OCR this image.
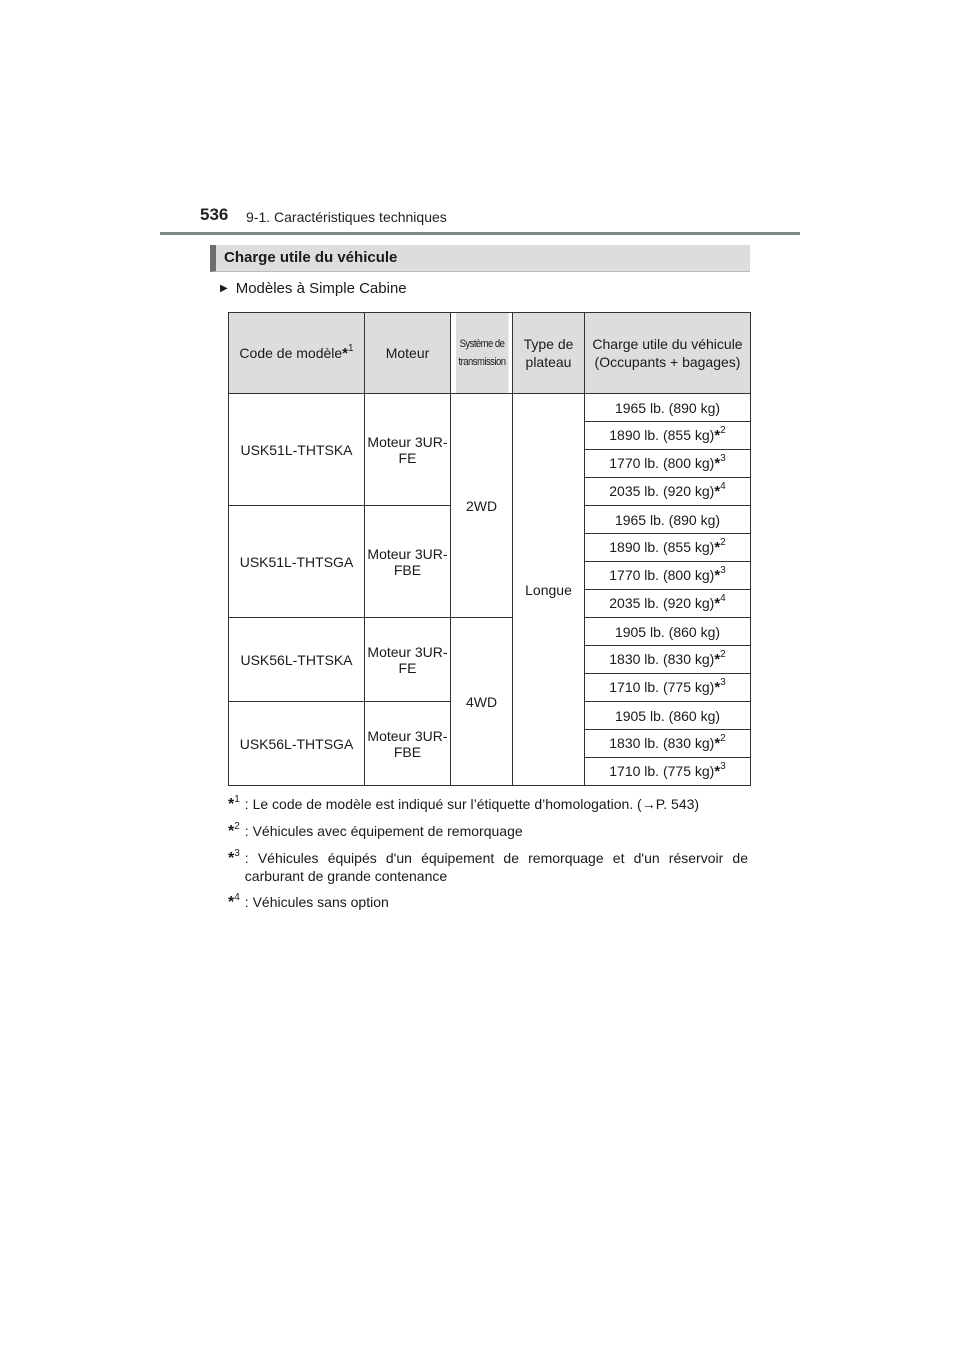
536 9-1. Caractéristiques techniques
Charge utile du véhicule
▶ Modèles à Simple Cabine
Code de modèle*$^1$	Moteur	Système de transmission	Type de plateau	Charge utile du véhicule
(Occupants + bagages)
USK51L-THTSKA	Moteur 3UR-FE	2WD	Longue	1965 lb. (890 kg)
				1890 lb. (855 kg)*$^2$
				1770 lb. (800 kg)*$^3$
				2035 lb. (920 kg)*$^4$
USK51L-THTSGA	Moteur 3UR-FBE			1965 lb. (890 kg)
				1890 lb. (855 kg)*$^2$
				1770 lb. (800 kg)*$^3$
				2035 lb. (920 kg)*$^4$
USK56L-THTSKA	Moteur 3UR-FE	4WD		1905 lb. (860 kg)
				1830 lb. (830 kg)*$^2$
				1710 lb. (775 kg)*$^3$
USK56L-THTSGA	Moteur 3UR-FBE			1905 lb. (860 kg)
				1830 lb. (830 kg)*$^2$
				1710 lb. (775 kg)*$^3$
*$^1$ : Le code de modèle est indiqué sur l’étiquette d’homologation. (→P. 543)
*$^2$ : Véhicules avec équipement de remorquage
*$^3$ : Véhicules équipés d'un équipement de remorquage et d'un réservoir de carburant de grande contenance
*$^4$ : Véhicules sans option
